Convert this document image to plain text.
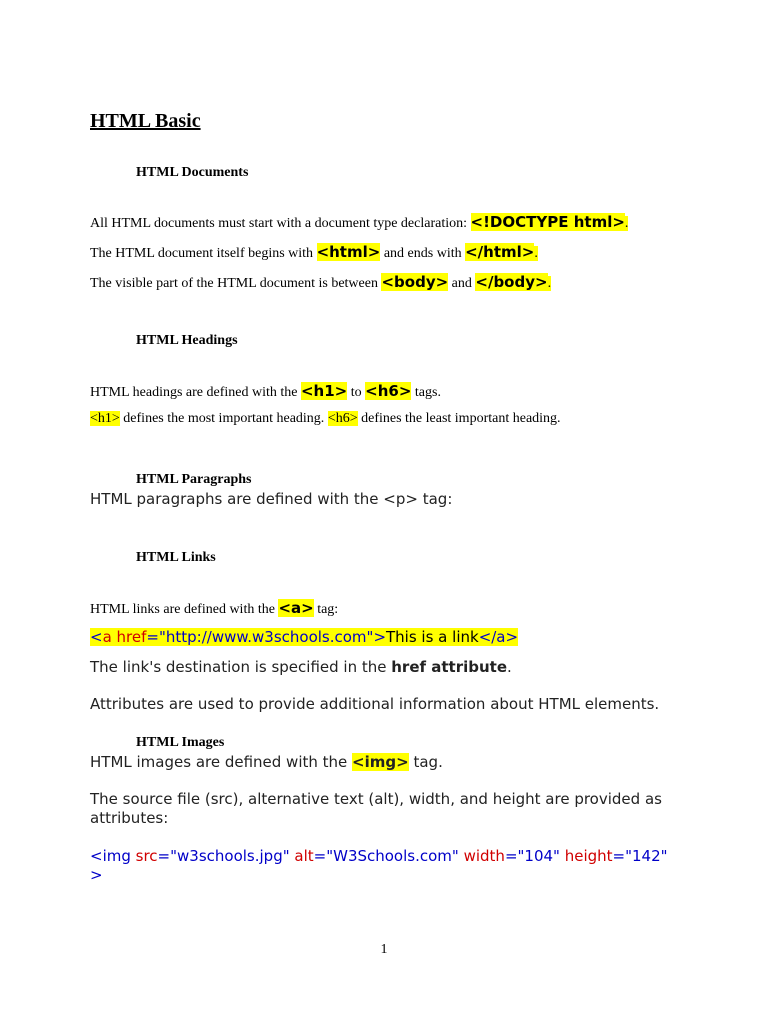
HTML Basic
HTML Documents
All HTML documents must start with a document type declaration: <!DOCTYPE html>.
The HTML document itself begins with <html> and ends with </html>.
The visible part of the HTML document is between <body> and </body>.
HTML Headings
HTML headings are defined with the <h1> to <h6> tags.
<h1> defines the most important heading. <h6> defines the least important heading.
HTML Paragraphs
HTML paragraphs are defined with the <p> tag:
HTML Links
HTML links are defined with the <a> tag:
<a href="http://www.w3schools.com">This is a link</a>
The link's destination is specified in the href attribute.
Attributes are used to provide additional information about HTML elements.
HTML Images
HTML images are defined with the <img> tag.
The source file (src), alternative text (alt), width, and height are provided as
attributes:
<img src="w3schools.jpg" alt="W3Schools.com" width="104" height="142"
>
1
